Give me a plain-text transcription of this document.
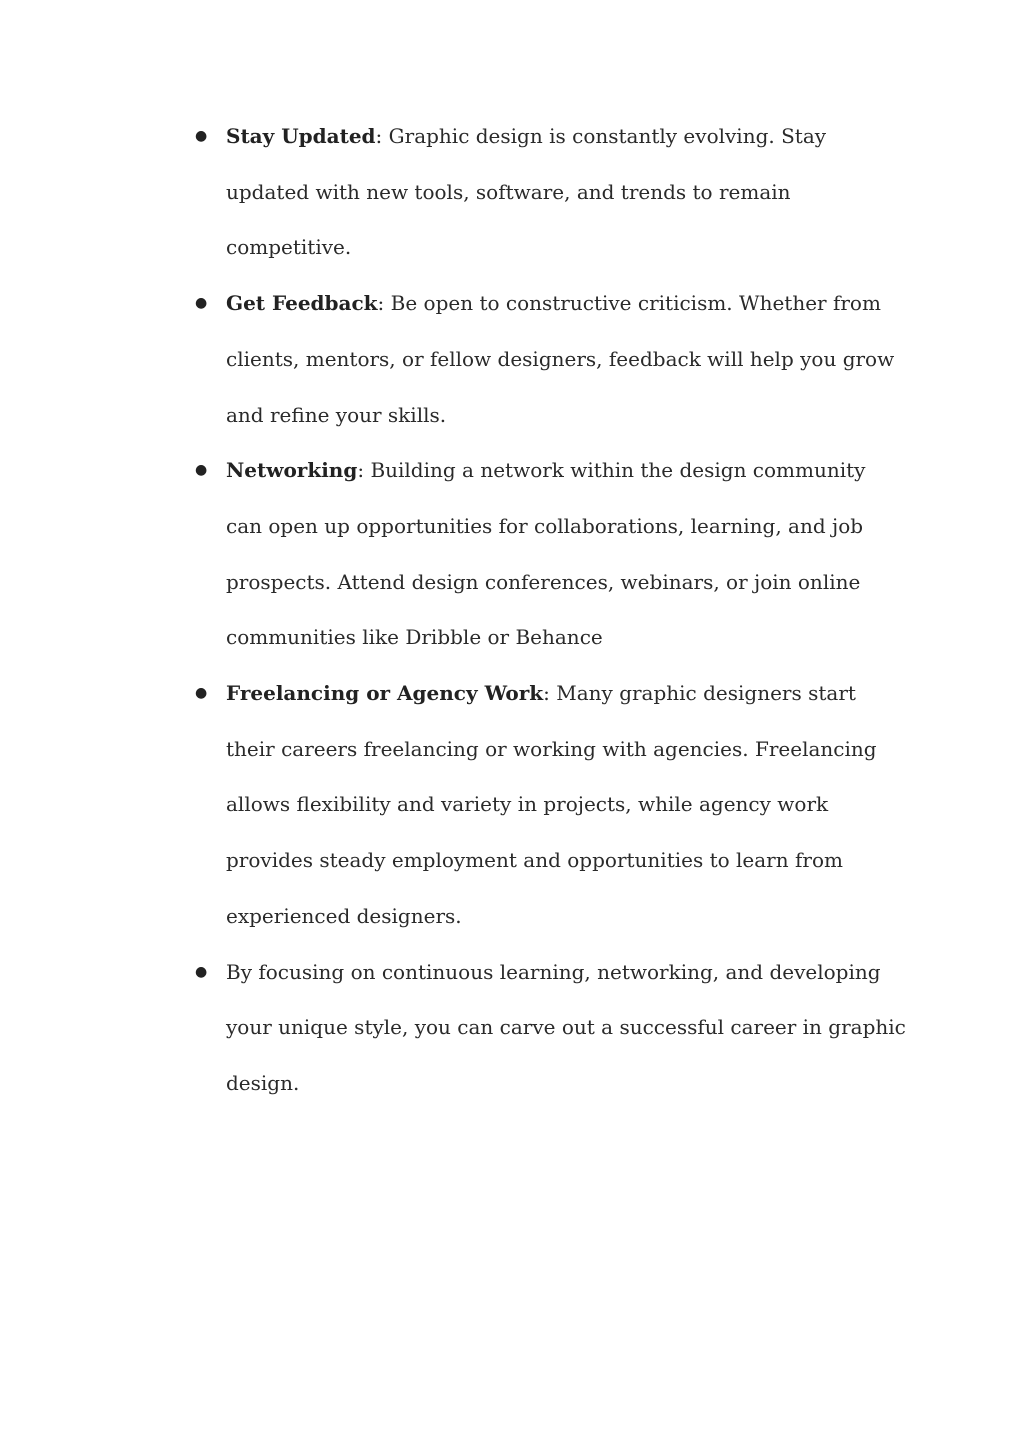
● Stay Updated: Graphic design is constantly evolving. Stay updated with new tools, software, and trends to remain competitive.
● Get Feedback: Be open to constructive criticism. Whether from clients, mentors, or fellow designers, feedback will help you grow and refine your skills.
● Networking: Building a network within the design community can open up opportunities for collaborations, learning, and job prospects. Attend design conferences, webinars, or join online communities like Dribble or Behance
● Freelancing or Agency Work: Many graphic designers start their careers freelancing or working with agencies. Freelancing allows flexibility and variety in projects, while agency work provides steady employment and opportunities to learn from experienced designers.
● By focusing on continuous learning, networking, and developing your unique style, you can carve out a successful career in graphic design.
